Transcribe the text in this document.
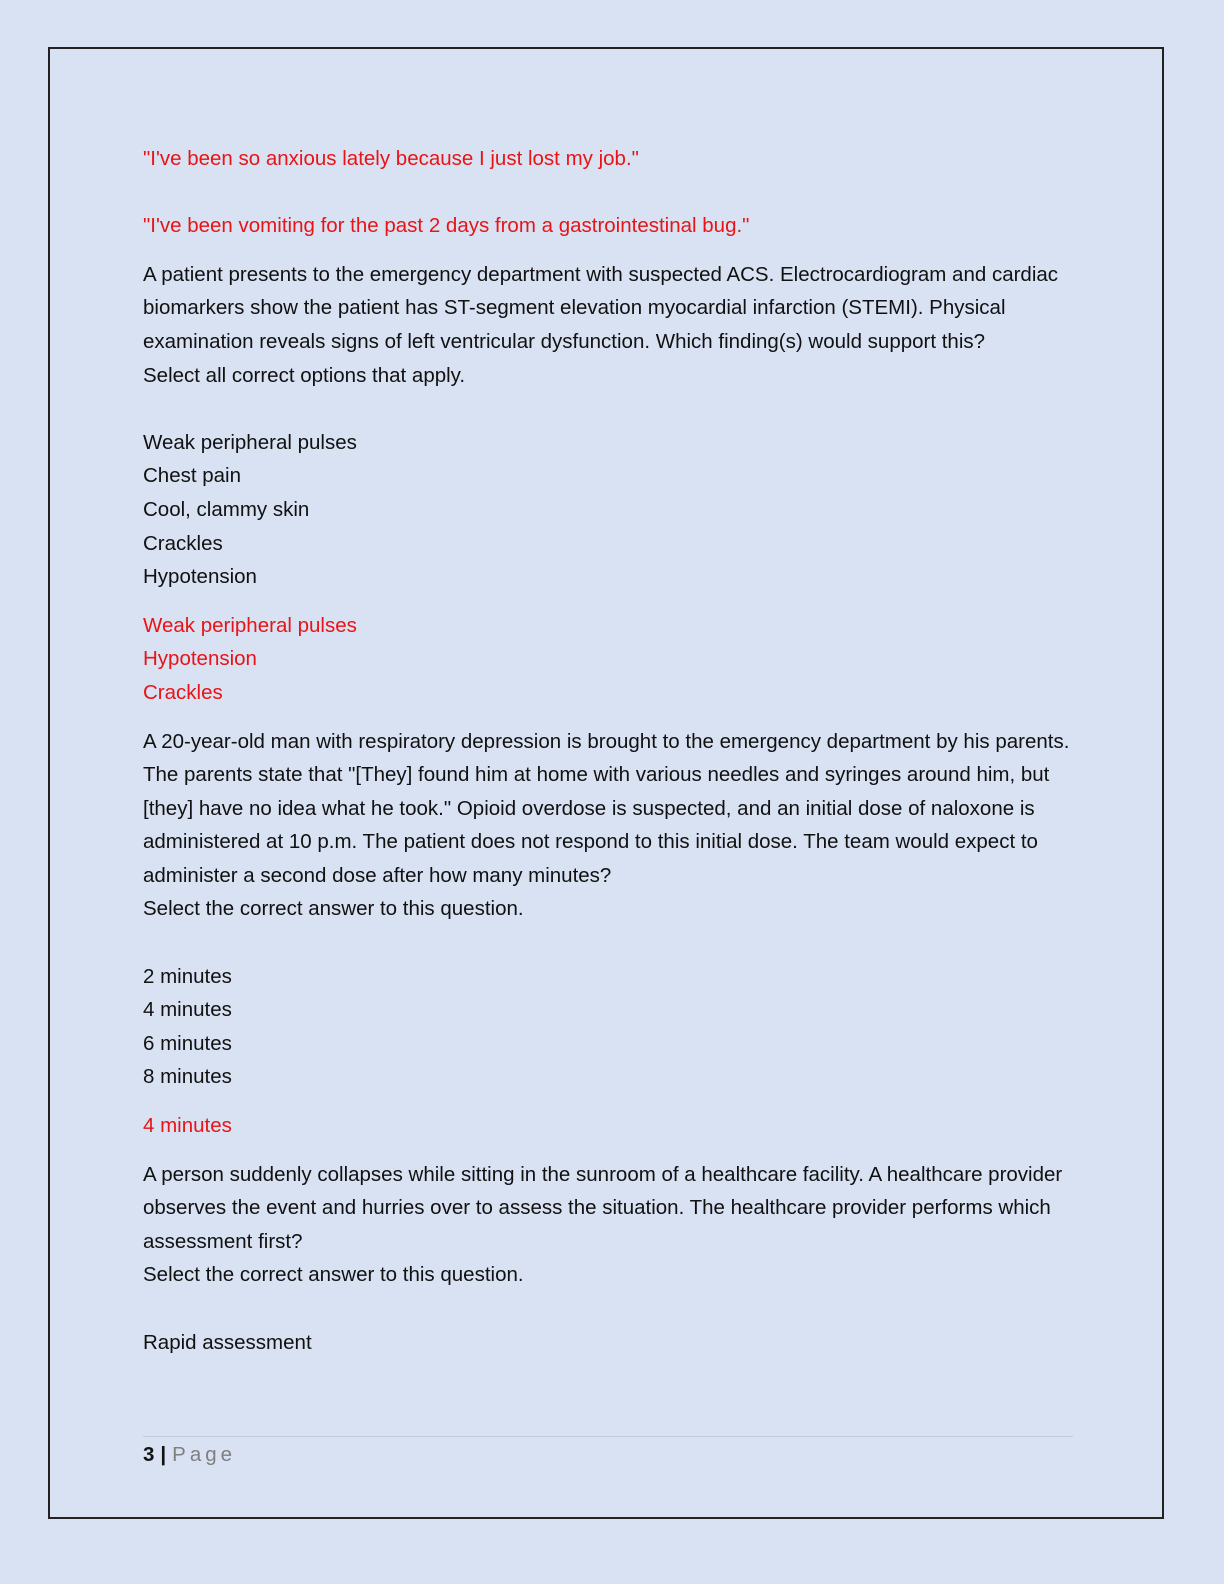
"I've been so anxious lately because I just lost my job."

"I've been vomiting for the past 2 days from a gastrointestinal bug."

A patient presents to the emergency department with suspected ACS. Electrocardiogram and cardiac biomarkers show the patient has ST-segment elevation myocardial infarction (STEMI). Physical examination reveals signs of left ventricular dysfunction. Which finding(s) would support this?

Select all correct options that apply.

Weak peripheral pulses

Chest pain

Cool, clammy skin

Crackles

Hypotension

Weak peripheral pulses

Hypotension

Crackles

A 20-year-old man with respiratory depression is brought to the emergency department by his parents. The parents state that "[They] found him at home with various needles and syringes around him, but [they] have no idea what he took." Opioid overdose is suspected, and an initial dose of naloxone is administered at 10 p.m. The patient does not respond to this initial dose. The team would expect to administer a second dose after how many minutes?

Select the correct answer to this question.

2 minutes

4 minutes

6 minutes

8 minutes

4 minutes

A person suddenly collapses while sitting in the sunroom of a healthcare facility. A healthcare provider observes the event and hurries over to assess the situation. The healthcare provider performs which assessment first?

Select the correct answer to this question.

Rapid assessment

3 | Page
